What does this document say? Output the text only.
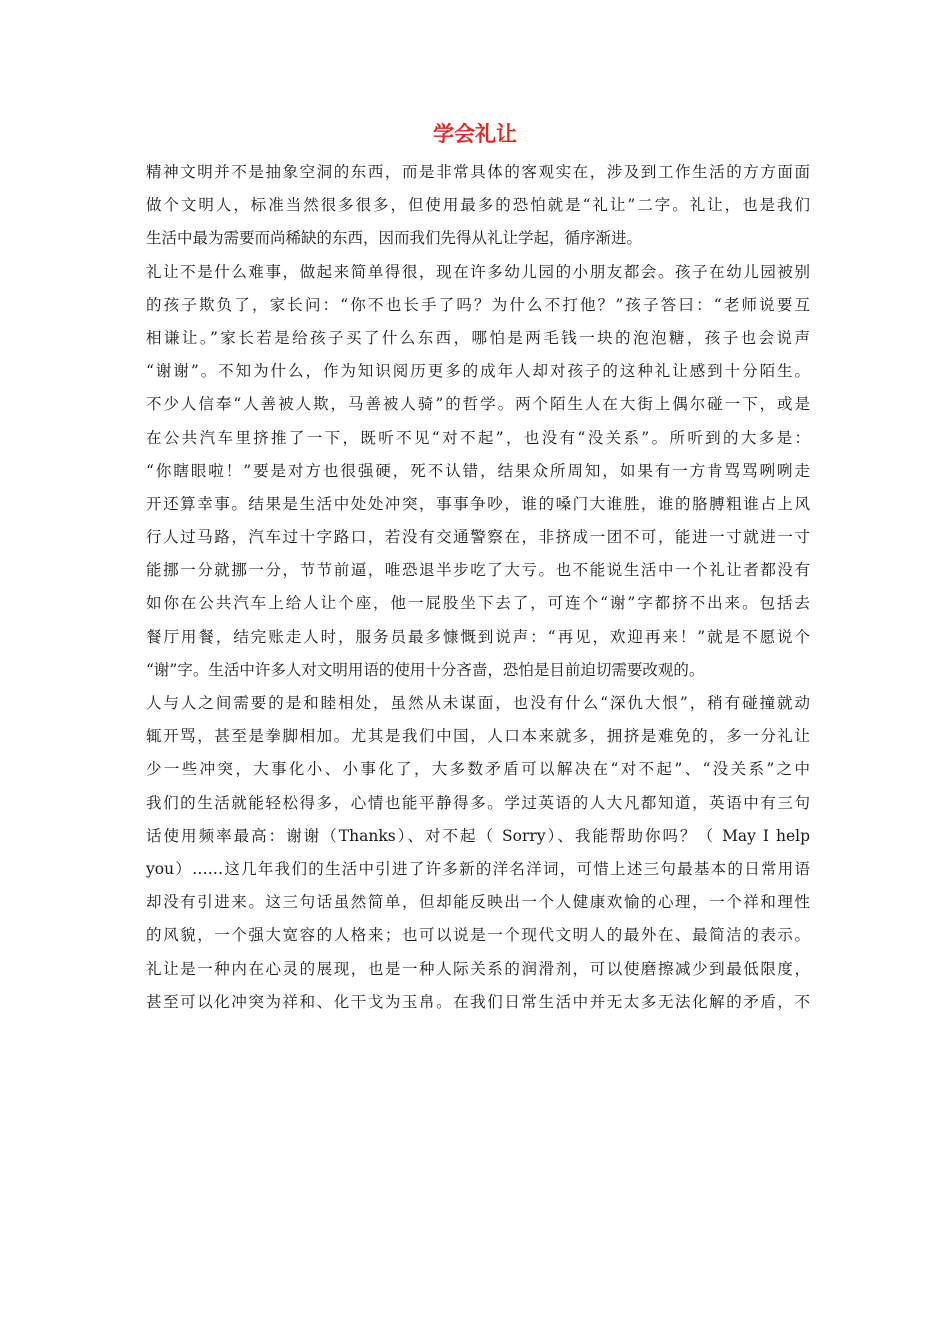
学会礼让

精神文明并不是抽象空洞的东西，而是非常具体的客观实在，涉及到工作生活的方方面面

做个文明人，标准当然很多很多，但使用最多的恐怕就是“礼让”二字。礼让，也是我们

生活中最为需要而尚稀缺的东西，因而我们先得从礼让学起，循序渐进。

礼让不是什么难事，做起来简单得很，现在许多幼儿园的小朋友都会。孩子在幼儿园被别

的孩子欺负了，家长问：“你不也长手了吗？为什么不打他？”孩子答曰：“老师说要互

相谦让。”家长若是给孩子买了什么东西，哪怕是两毛钱一块的泡泡糖，孩子也会说声

“谢谢”。不知为什么，作为知识阅历更多的成年人却对孩子的这种礼让感到十分陌生。

不少人信奉“人善被人欺，马善被人骑”的哲学。两个陌生人在大街上偶尔碰一下，或是

在公共汽车里挤推了一下，既听不见“对不起”，也没有“没关系”。所听到的大多是：

“你瞎眼啦！”要是对方也很强硬，死不认错，结果众所周知，如果有一方肯骂骂咧咧走

开还算幸事。结果是生活中处处冲突，事事争吵，谁的嗓门大谁胜，谁的胳膊粗谁占上风

行人过马路，汽车过十字路口，若没有交通警察在，非挤成一团不可，能进一寸就进一寸

能挪一分就挪一分，节节前逼，唯恐退半步吃了大亏。也不能说生活中一个礼让者都没有

如你在公共汽车上给人让个座，他一屁股坐下去了，可连个“谢”字都挤不出来。包括去

餐厅用餐，结完账走人时，服务员最多慷慨到说声：“再见，欢迎再来！”就是不愿说个

“谢”字。生活中许多人对文明用语的使用十分吝啬，恐怕是目前迫切需要改观的。

人与人之间需要的是和睦相处，虽然从未谋面，也没有什么“深仇大恨”，稍有碰撞就动

辄开骂，甚至是拳脚相加。尤其是我们中国，人口本来就多，拥挤是难免的，多一分礼让

少一些冲突，大事化小、小事化了，大多数矛盾可以解决在“对不起”、“没关系”之中

我们的生活就能轻松得多，心情也能平静得多。学过英语的人大凡都知道，英语中有三句

话使用频率最高：谢谢（Thanks）、对不起（ Sorry）、我能帮助你吗？（ May I help

you）……这几年我们的生活中引进了许多新的洋名洋词，可惜上述三句最基本的日常用语

却没有引进来。这三句话虽然简单，但却能反映出一个人健康欢愉的心理，一个祥和理性

的风貌，一个强大宽容的人格来；也可以说是一个现代文明人的最外在、最简洁的表示。

礼让是一种内在心灵的展现，也是一种人际关系的润滑剂，可以使磨擦减少到最低限度，

甚至可以化冲突为祥和、化干戈为玉帛。在我们日常生活中并无太多无法化解的矛盾，不
